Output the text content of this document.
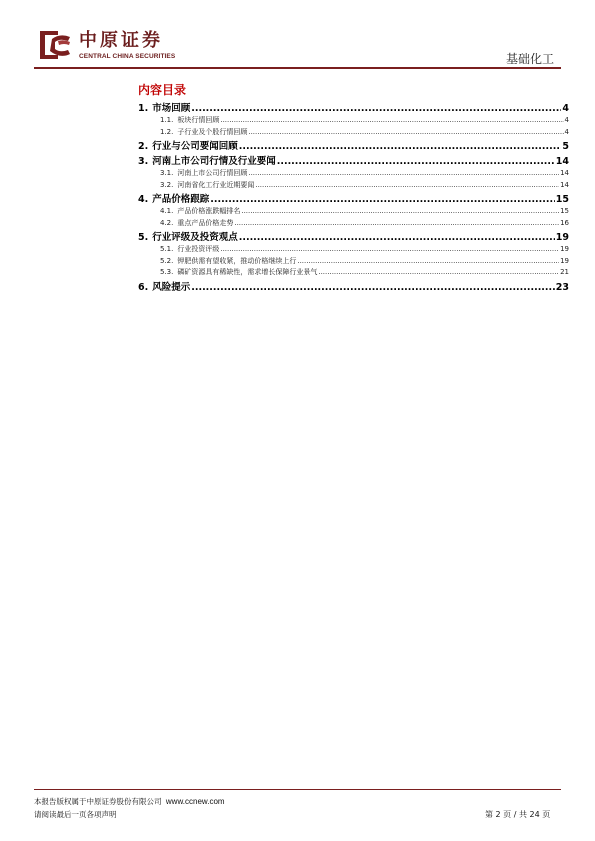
中原证券
CENTRAL CHINA SECURITIES	基础化工
内容目录
1. 市场回顾 .....	4
1.1. 板块行情回顾 .....	4
1.2. 子行业及个股行情回顾 .....	4
2. 行业与公司要闻回顾 .....	5
3. 河南上市公司行情及行业要闻 .....	14
3.1. 河南上市公司行情回顾 .....	14
3.2. 河南省化工行业近期要闻 .....	14
4. 产品价格跟踪 .....	15
4.1. 产品价格涨跌幅排名 .....	15
4.2. 重点产品价格走势 .....	16
5. 行业评级及投资观点 .....	19
5.1. 行业投资评级 .....	19
5.2. 钾肥供需有望收紧，推动价格继续上行 .....	19
5.3. 磷矿资源具有稀缺性，需求增长保障行业景气 .....	21
6. 风险提示 .....	23
本报告版权属于中原证券股份有限公司 www.ccnew.com
请阅读最后一页各项声明	第 2 页 / 共 24 页
